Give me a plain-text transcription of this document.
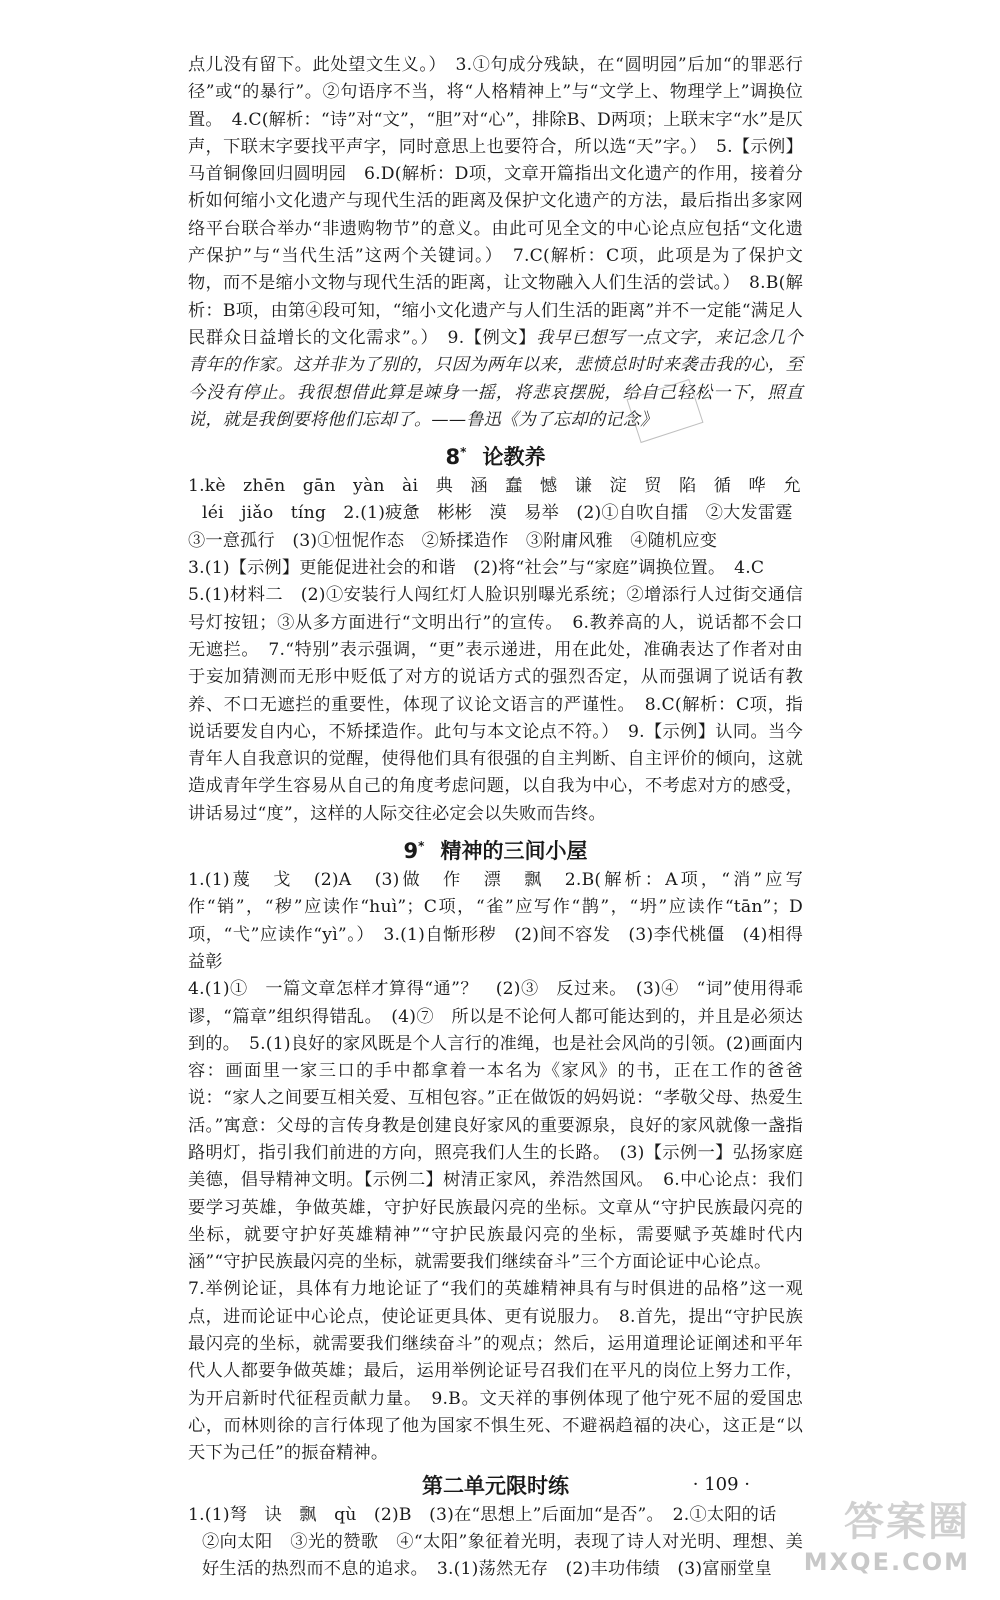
点儿没有留下。此处望文生义。）　3.①句成分残缺，在“圆明园”后加“的罪恶行径”或“的暴行”。②句语序不当，将“人格精神上”与“文学上、物理学上”调换位置。　4.C(解析：“诗”对“文”，“胆”对“心”，排除B、D两项；上联末字“水”是仄声，下联末字要找平声字，同时意思上也要符合，所以选“天”字。）　5.【示例】马首铜像回归圆明园　6.D(解析：D项，文章开篇指出文化遗产的作用，接着分析如何缩小文化遗产与现代生活的距离及保护文化遗产的方法，最后指出多家网络平台联合举办“非遗购物节”的意义。由此可见全文的中心论点应包括“文化遗产保护”与“当代生活”这两个关键词。）　7.C(解析：C项，此项是为了保护文物，而不是缩小文物与现代生活的距离，让文物融入人们生活的尝试。）　8.B(解析：B项，由第④段可知，“缩小文化遗产与人们生活的距离”并不一定能“满足人民群众日益增长的文化需求”。）　9.【例文】我早已想写一点文字，来记念几个青年的作家。这并非为了别的，只因为两年以来，悲愤总时时来袭击我的心，至今没有停止。我很想借此算是竦身一摇，将悲哀摆脱，给自己轻松一下，照直说，就是我倒要将他们忘却了。——鲁迅《为了忘却的记念》

8* 论教养

1.kè　zhēn　gān　yàn　ài　典　涵　蠢　憾　谦　淀　贸　陷　循　哗　允

léi　jiǎo　tíng　2.(1)疲惫　彬彬　漠　易举　(2)①自吹自擂　②大发雷霆

③一意孤行　(3)①忸怩作态　②矫揉造作　③附庸风雅　④随机应变

3.(1)【示例】更能促进社会的和谐　(2)将“社会”与“家庭”调换位置。　4.C

5.(1)材料二　(2)①安装行人闯红灯人脸识别曝光系统；②增添行人过街交通信号灯按钮；③从多方面进行“文明出行”的宣传。　6.教养高的人，说话都不会口无遮拦。　7.“特别”表示强调，“更”表示递进，用在此处，准确表达了作者对由于妄加猜测而无形中贬低了对方的说话方式的强烈否定，从而强调了说话有教养、不口无遮拦的重要性，体现了议论文语言的严谨性。　8.C(解析：C项，指说话要发自内心，不矫揉造作。此句与本文论点不符。）　9.【示例】认同。当今青年人自我意识的觉醒，使得他们具有很强的自主判断、自主评价的倾向，这就造成青年学生容易从自己的角度考虑问题，以自我为中心，不考虑对方的感受，讲话易过“度”，这样的人际交往必定会以失败而告终。

9* 精神的三间小屋

1.(1)蔑　戈　(2)A　(3)做　作　漂　飘　2.B(解析：A项，“消”应写作“销”，“秽”应读作“huì”；C项，“雀”应写作“鹊”，“坍”应读作“tān”；D项，“弋”应读作“yì”。）　3.(1)自惭形秽　(2)间不容发　(3)李代桃僵　(4)相得益彰

4.(1)①　一篇文章怎样才算得“通”？　(2)③　反过来。　(3)④　“词”使用得乖谬，“篇章”组织得错乱。　(4)⑦　所以是不论何人都可能达到的，并且是必须达到的。　5.(1)良好的家风既是个人言行的准绳，也是社会风尚的引领。(2)画面内容：画面里一家三口的手中都拿着一本名为《家风》的书，正在工作的爸爸说：“家人之间要互相关爱、互相包容。”正在做饭的妈妈说：“孝敬父母、热爱生活。”寓意：父母的言传身教是创建良好家风的重要源泉，良好的家风就像一盏指路明灯，指引我们前进的方向，照亮我们人生的长路。　(3)【示例一】弘扬家庭美德，倡导精神文明。【示例二】树清正家风，养浩然国风。　6.中心论点：我们要学习英雄，争做英雄，守护好民族最闪亮的坐标。文章从“守护民族最闪亮的坐标，就要守护好英雄精神”“守护民族最闪亮的坐标，需要赋予英雄时代内涵”“守护民族最闪亮的坐标，就需要我们继续奋斗”三个方面论证中心论点。

7.举例论证，具体有力地论证了“我们的英雄精神具有与时俱进的品格”这一观点，进而论证中心论点，使论证更具体、更有说服力。　8.首先，提出“守护民族最闪亮的坐标，就需要我们继续奋斗”的观点；然后，运用道理论证阐述和平年代人人都要争做英雄；最后，运用举例论证号召我们在平凡的岗位上努力工作，为开启新时代征程贡献力量。　9.B。文天祥的事例体现了他宁死不屈的爱国忠心，而林则徐的言行体现了他为国家不惧生死、不避祸趋福的决心，这正是“以天下为己任”的振奋精神。

第二单元限时练

1.(1)弩　诀　飘　qù　(2)B　(3)在“思想上”后面加“是否”。　2.①太阳的话

②向太阳　③光的赞歌　④“太阳”象征着光明，表现了诗人对光明、理想、美好生活的热烈而不息的追求。　3.(1)荡然无存　(2)丰功伟绩　(3)富丽堂皇

· 109 ·
答案圈
MXQE.COM
